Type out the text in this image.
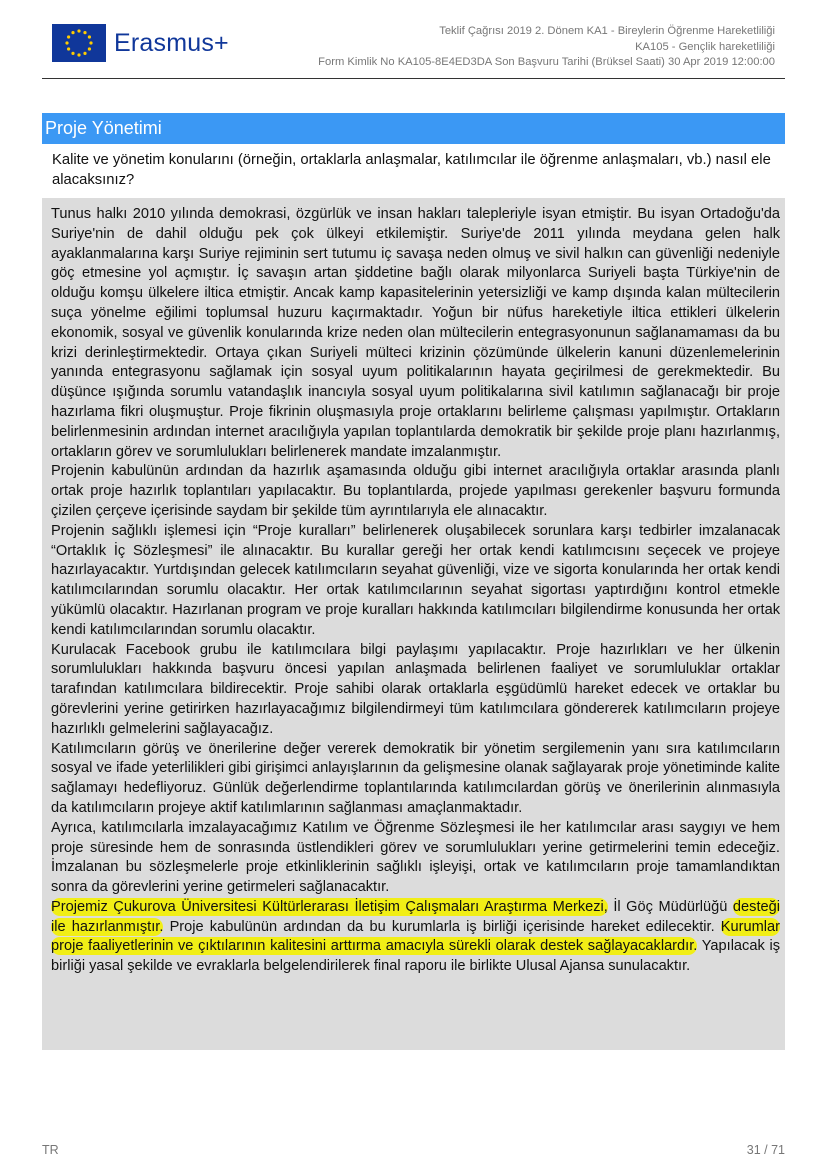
Erasmus+	Teklif Çağrısı 2019 2. Dönem KA1 - Bireylerin Öğrenme Hareketliliği
KA105 - Gençlik hareketliliği
Form Kimlik No KA105-8E4ED3DA Son Başvuru Tarihi (Brüksel Saati) 30 Apr 2019 12:00:00
Proje Yönetimi
Kalite ve yönetim konularını (örneğin, ortaklarla anlaşmalar, katılımcılar ile öğrenme anlaşmaları, vb.) nasıl ele alacaksınız?

Tunus halkı 2010 yılında demokrasi, özgürlük ve insan hakları talepleriyle isyan etmiştir. Bu isyan Ortadoğu'da Suriye'nin de dahil olduğu pek çok ülkeyi etkilemiştir. Suriye'de 2011 yılında meydana gelen halk ayaklanmalarına karşı Suriye rejiminin sert tutumu iç savaşa neden olmuş ve sivil halkın can güvenliği nedeniyle göç etmesine yol açmıştır. İç savaşın artan şiddetine bağlı olarak milyonlarca Suriyeli başta Türkiye'nin de olduğu komşu ülkelere iltica etmiştir. Ancak kamp kapasitelerinin yetersizliği ve kamp dışında kalan mültecilerin suça yönelme eğilimi toplumsal huzuru kaçırmaktadır. Yoğun bir nüfus hareketiyle iltica ettikleri ülkelerin ekonomik, sosyal ve güvenlik konularında krize neden olan mültecilerin entegrasyonunun sağlanamaması da bu krizi derinleştirmektedir. Ortaya çıkan Suriyeli mülteci krizinin çözümünde ülkelerin kanuni düzenlemelerinin yanında entegrasyonu sağlamak için sosyal uyum politikalarının hayata geçirilmesi de gerekmektedir. Bu düşünce ışığında sorumlu vatandaşlık inancıyla sosyal uyum politikalarına sivil katılımın sağlanacağı bir proje hazırlama fikri oluşmuştur. Proje fikrinin oluşmasıyla proje ortaklarını belirleme çalışması yapılmıştır. Ortakların belirlenmesinin ardından internet aracılığıyla yapılan toplantılarda demokratik bir şekilde proje planı hazırlanmış, ortakların görev ve sorumlulukları belirlenerek mandate imzalanmıştır.

Projenin kabulünün ardından da hazırlık aşamasında olduğu gibi internet aracılığıyla ortaklar arasında planlı ortak proje hazırlık toplantıları yapılacaktır. Bu toplantılarda, projede yapılması gerekenler başvuru formunda çizilen çerçeve içerisinde saydam bir şekilde tüm ayrıntılarıyla ele alınacaktır.

Projenin sağlıklı işlemesi için “Proje kuralları” belirlenerek oluşabilecek sorunlara karşı tedbirler imzalanacak “Ortaklık İç Sözleşmesi” ile alınacaktır. Bu kurallar gereği her ortak kendi katılımcısını seçecek ve projeye hazırlayacaktır. Yurtdışından gelecek katılımcıların seyahat güvenliği, vize ve sigorta konularında her ortak kendi katılımcılarından sorumlu olacaktır. Her ortak katılımcılarının seyahat sigortası yaptırdığını kontrol etmekle yükümlü olacaktır. Hazırlanan program ve proje kuralları hakkında katılımcıları bilgilendirme konusunda her ortak kendi katılımcılarından sorumlu olacaktır.

Kurulacak Facebook grubu ile katılımcılara bilgi paylaşımı yapılacaktır. Proje hazırlıkları ve her ülkenin sorumlulukları hakkında başvuru öncesi yapılan anlaşmada belirlenen faaliyet ve sorumluluklar ortaklar tarafından katılımcılara bildirecektir. Proje sahibi olarak ortaklarla eşgüdümlü hareket edecek ve ortaklar bu görevlerini yerine getirirken hazırlayacağımız bilgilendirmeyi tüm katılımcılara göndererek katılımcıların projeye hazırlıklı gelmelerini sağlayacağız.

Katılımcıların görüş ve önerilerine değer vererek demokratik bir yönetim sergilemenin yanı sıra katılımcıların sosyal ve ifade yeterlilikleri gibi girişimci anlayışlarının da gelişmesine olanak sağlayarak proje yönetiminde kalite sağlamayı hedefliyoruz. Günlük değerlendirme toplantılarında katılımcılardan görüş ve önerilerinin alınmasıyla da katılımcıların projeye aktif katılımlarının sağlanması amaçlanmaktadır.

Ayrıca, katılımcılarla imzalayacağımız Katılım ve Öğrenme Sözleşmesi ile her katılımcılar arası saygıyı ve hem proje süresinde hem de sonrasında üstlendikleri görev ve sorumlulukları yerine getirmelerini temin edeceğiz. İmzalanan bu sözleşmelerle proje etkinliklerinin sağlıklı işleyişi, ortak ve katılımcıların proje tamamlandıktan sonra da görevlerini yerine getirmeleri sağlanacaktır.

Projemiz Çukurova Üniversitesi Kültürlerarası İletişim Çalışmaları Araştırma Merkezi, İl Göç Müdürlüğü desteği ile hazırlanmıştır. Proje kabulünün ardından da bu kurumlarla iş birliği içerisinde hareket edilecektir. Kurumlar proje faaliyetlerinin ve çıktılarının kalitesini arttırma amacıyla sürekli olarak destek sağlayacaklardır. Yapılacak iş birliği yasal şekilde ve evraklarla belgelendirilerek final raporu ile birlikte Ulusal Ajansa sunulacaktır.

TR	31 / 71
